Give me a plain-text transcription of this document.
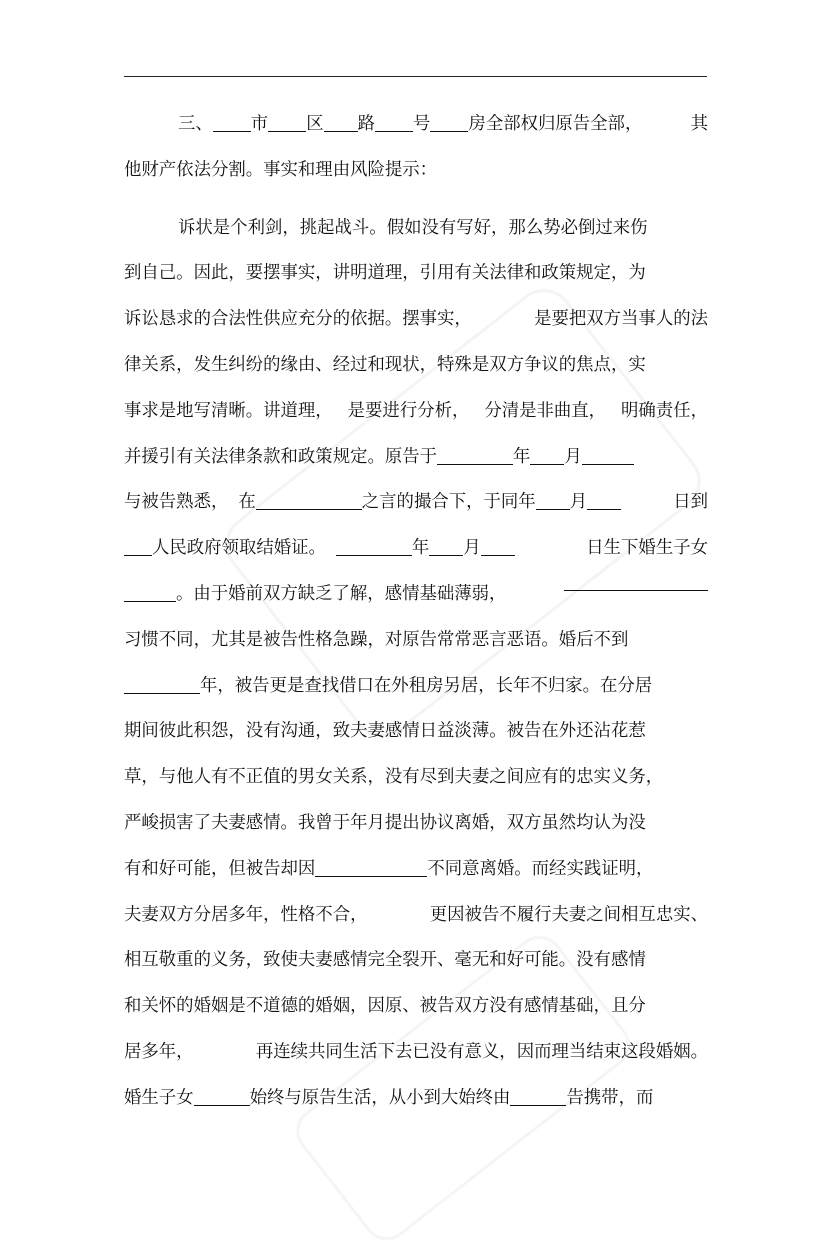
三、 市 区 路 号 房全部权归原告全部，	其
他财产依法分割。事实和理由风险提示：
诉状是个利剑，挑起战斗。假如没有写好，那么势必倒过来伤
到自己。因此，要摆事实，讲明道理，引用有关法律和政策规定，为
诉讼恳求的合法性供应充分的依据。摆事实，	是要把双方当事人的法
律关系，发生纠纷的缘由、经过和现状，特殊是双方争议的焦点，实
事求是地写清晰。讲道理， 是要进行分析， 分清是非曲直， 明确责任，
并援引有关法律条款和政策规定。原告于	年 月
与被告熟悉， 在	之言的撮合下，于同年 月	日到
人民政府领取结婚证。	年 月	日生下婚生子女
。由于婚前双方缺乏了解，感情基础薄弱，
习惯不同，尤其是被告性格急躁，对原告常常恶言恶语。婚后不到
年，被告更是查找借口在外租房另居，长年不归家。在分居
期间彼此积怨，没有沟通，致夫妻感情日益淡薄。被告在外还沾花惹
草，与他人有不正值的男女关系，没有尽到夫妻之间应有的忠实义务，
严峻损害了夫妻感情。我曾于年月提出协议离婚，双方虽然均认为没
有和好可能，但被告却因	不同意离婚。而经实践证明，
夫妻双方分居多年，性格不合，	更因被告不履行夫妻之间相互忠实、
相互敬重的义务，致使夫妻感情完全裂开、毫无和好可能。没有感情
和关怀的婚姻是不道德的婚姻，因原、被告双方没有感情基础，且分
居多年，	再连续共同生活下去已没有意义，因而理当结束这段婚姻。
婚生子女	始终与原告生活，从小到大始终由	告携带，而
